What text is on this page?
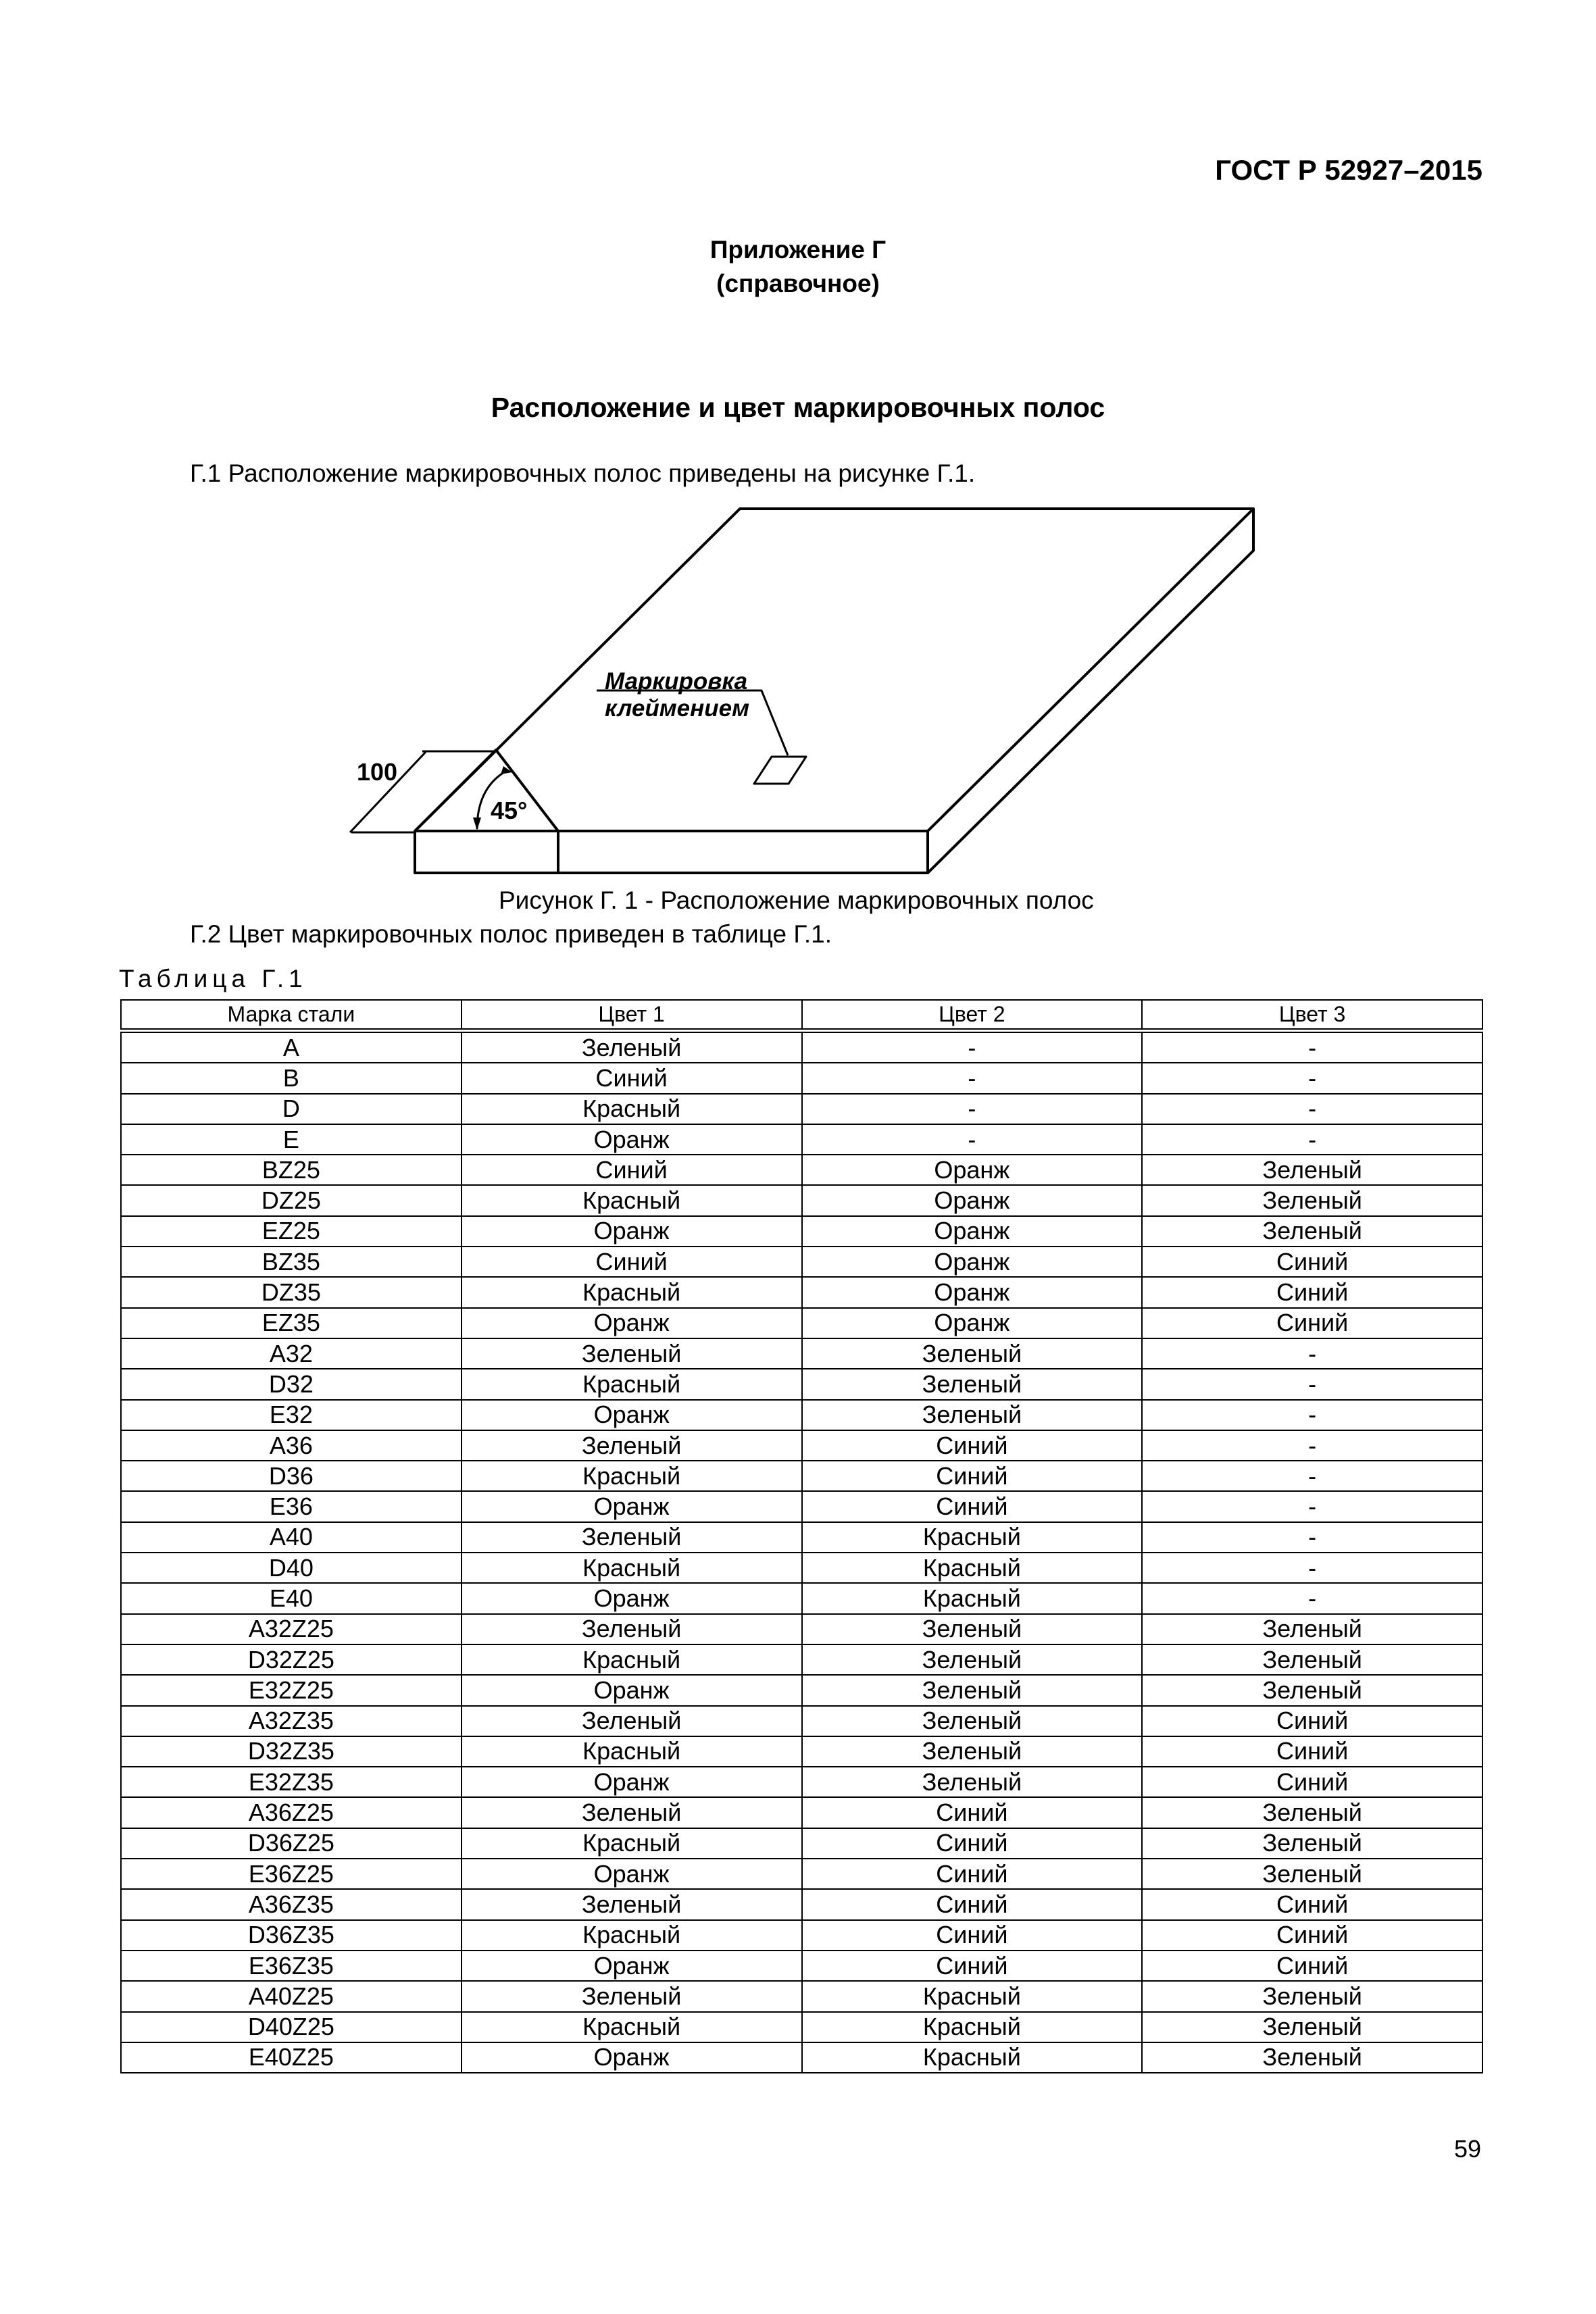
ГОСТ Р 52927–2015
Приложение Г
(справочное)
Расположение и цвет маркировочных полос
Г.1 Расположение маркировочных полос приведены на рисунке Г.1.
Маркировка
клеймением
100
45°
Рисунок Г. 1 - Расположение маркировочных полос
Г.2 Цвет маркировочных полос приведен в таблице Г.1.
Таблица Г.1
Марка стали	Цвет 1	Цвет 2	Цвет 3
A	Зеленый	-	-
B	Синий	-	-
D	Красный	-	-
E	Оранж	-	-
BZ25	Синий	Оранж	Зеленый
DZ25	Красный	Оранж	Зеленый
EZ25	Оранж	Оранж	Зеленый
BZ35	Синий	Оранж	Синий
DZ35	Красный	Оранж	Синий
EZ35	Оранж	Оранж	Синий
A32	Зеленый	Зеленый	-
D32	Красный	Зеленый	-
E32	Оранж	Зеленый	-
A36	Зеленый	Синий	-
D36	Красный	Синий	-
E36	Оранж	Синий	-
A40	Зеленый	Красный	-
D40	Красный	Красный	-
E40	Оранж	Красный	-
A32Z25	Зеленый	Зеленый	Зеленый
D32Z25	Красный	Зеленый	Зеленый
E32Z25	Оранж	Зеленый	Зеленый
A32Z35	Зеленый	Зеленый	Синий
D32Z35	Красный	Зеленый	Синий
E32Z35	Оранж	Зеленый	Синий
A36Z25	Зеленый	Синий	Зеленый
D36Z25	Красный	Синий	Зеленый
E36Z25	Оранж	Синий	Зеленый
A36Z35	Зеленый	Синий	Синий
D36Z35	Красный	Синий	Синий
E36Z35	Оранж	Синий	Синий
A40Z25	Зеленый	Красный	Зеленый
D40Z25	Красный	Красный	Зеленый
E40Z25	Оранж	Красный	Зеленый
59
